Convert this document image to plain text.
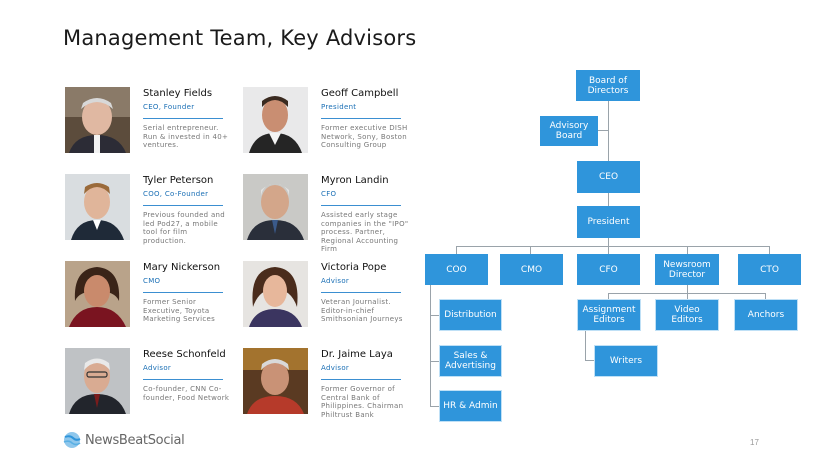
Management Team, Key Advisors
Stanley Fields
CEO, Founder
Serial entrepreneur. Run & invested in 40+ ventures.
Geoff Campbell
President
Former executive DISH Network, Sony, Boston Consulting Group
Tyler Peterson
COO, Co-Founder
Previous founded and led Pod27, a mobile tool for film production.
Myron Landin
CFO
Assisted early stage companies in the "IPO" process. Partner, Regional Accounting Firm
Mary Nickerson
CMO
Former Senior Executive, Toyota Marketing Services
Victoria Pope
Advisor
Veteran Journalist. Editor-in-chief Smithsonian Journeys
Reese Schonfeld
Advisor
Co-founder, CNN Co-founder, Food Network
Dr. Jaime Laya
Advisor
Former Governor of Central Bank of Philippines. Chairman Philtrust Bank
Board of Directors
Advisory Board
CEO
President
COO	CMO	CFO	Newsroom Director	CTO
Distribution
Sales & Advertising
HR & Admin
Assignment Editors
Video Editors	Anchors
Writers
NewsBeatSocial	17
